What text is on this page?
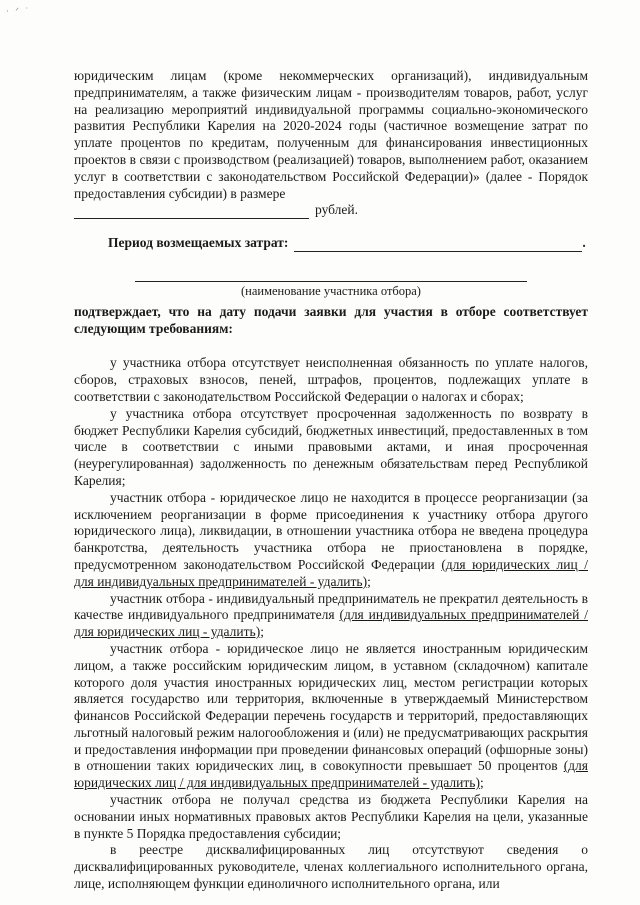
· ᐟ ˙

юридическим лицам (кроме некоммерческих организаций), индивидуальным предпринимателям, а также физическим лицам - производителям товаров, работ, услуг на реализацию мероприятий индивидуальной программы социально-экономического развития Республики Карелия на 2020-2024 годы (частичное возмещение затрат по уплате процентов по кредитам, полученным для финансирования инвестиционных проектов в связи с производством (реализацией) товаров, выполнением работ, оказанием услуг в соответствии с законодательством Российской Федерации)» (далее - Порядок предоставления субсидии) в размере

рублей.
Период возмещаемых затрат:	.
(наименование участника отбора)

подтверждает, что на дату подачи заявки для участия в отборе соответствует следующим требованиям:

у участника отбора отсутствует неисполненная обязанность по уплате налогов, сборов, страховых взносов, пеней, штрафов, процентов, подлежащих уплате в соответствии с законодательством Российской Федерации о налогах и сборах;

у участника отбора отсутствует просроченная задолженность по возврату в бюджет Республики Карелия субсидий, бюджетных инвестиций, предоставленных в том числе в соответствии с иными правовыми актами, и иная просроченная (неурегулированная) задолженность по денежным обязательствам перед Республикой Карелия;

участник отбора - юридическое лицо не находится в процессе реорганизации (за исключением реорганизации в форме присоединения к участнику отбора другого юридического лица), ликвидации, в отношении участника отбора не введена процедура банкротства, деятельность участника отбора не приостановлена в порядке, предусмотренном законодательством Российской Федерации (для юридических лиц / для индивидуальных предпринимателей - удалить);

участник отбора - индивидуальный предприниматель не прекратил деятельность в качестве индивидуального предпринимателя (для индивидуальных предпринимателей / для юридических лиц - удалить);

участник отбора - юридическое лицо не является иностранным юридическим лицом, а также российским юридическим лицом, в уставном (складочном) капитале которого доля участия иностранных юридических лиц, местом регистрации которых является государство или территория, включенные в утверждаемый Министерством финансов Российской Федерации перечень государств и территорий, предоставляющих льготный налоговый режим налогообложения и (или) не предусматривающих раскрытия и предоставления информации при проведении финансовых операций (офшорные зоны) в отношении таких юридических лиц, в совокупности превышает 50 процентов (для юридических лиц / для индивидуальных предпринимателей - удалить);

участник отбора не получал средства из бюджета Республики Карелия на основании иных нормативных правовых актов Республики Карелия на цели, указанные в пункте 5 Порядка предоставления субсидии;

в реестре дисквалифицированных лиц отсутствуют сведения о дисквалифицированных руководителе, членах коллегиального исполнительного органа, лице, исполняющем функции единоличного исполнительного органа, или
